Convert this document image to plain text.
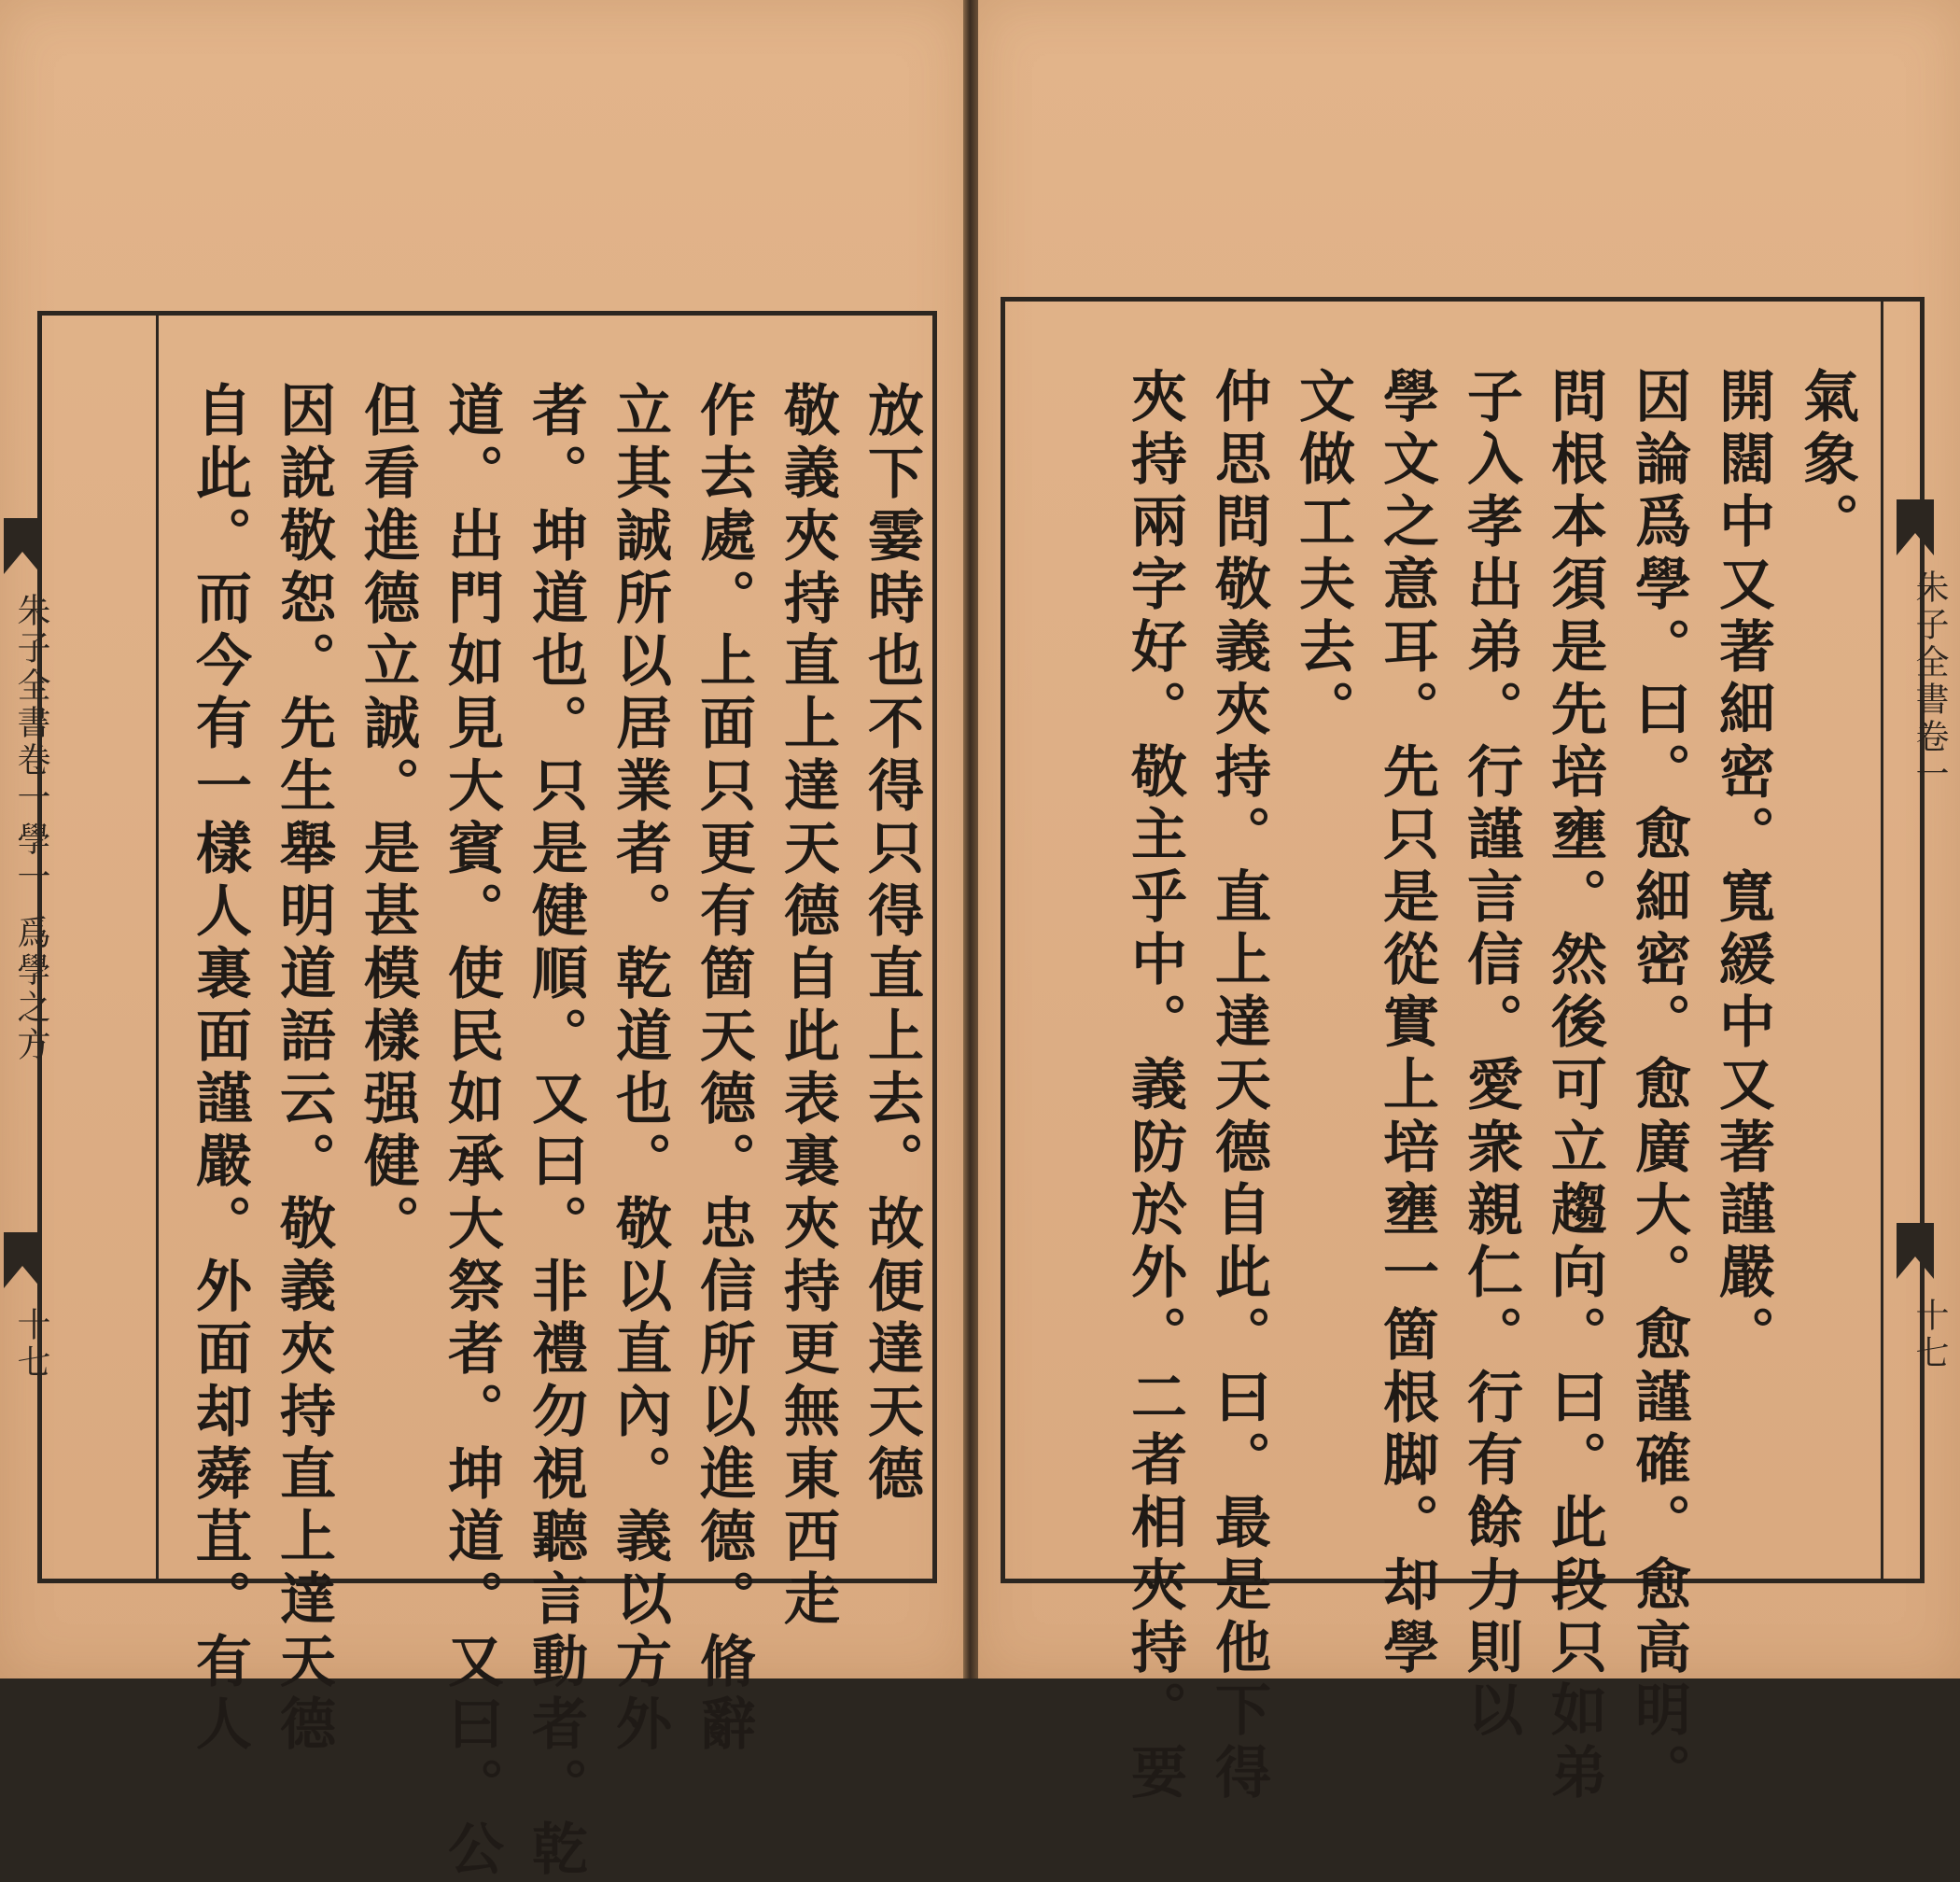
放下霎時也不得只得直上去。故便達天德
敬義夾持直上達天德自此表裏夾持更無東西走
作去處。上面只更有箇天德。忠信所以進德。脩辭
立其誠所以居業者。乾道也。敬以直內。義以方外
者。坤道也。只是健順。又曰。非禮勿視聽言動者。乾
道。出門如見大賓。使民如承大祭者。坤道。又曰。公
但看進德立誠。是甚模樣强健。
因說敬恕。先生舉明道語云。敬義夾持直上達天德
自此。而今有一樣人裏面謹嚴。外面却蕣苴。有人
朱子全書卷一
學一
爲學之方
十七
氣象。
開闊中又著細密。寬緩中又著謹嚴。
因論爲學。曰。愈細密。愈廣大。愈謹確。愈高明。
問根本須是先培壅。然後可立趨向。曰。此段只如弟
子入孝出弟。行謹言信。愛衆親仁。行有餘力則以
學文之意耳。先只是從實上培壅一箇根脚。却學
文做工夫去。
仲思問敬義夾持。直上達天德自此。曰。最是他下得
夾持兩字好。敬主乎中。義防於外。二者相夾持。要	朱子全書卷一
十七
